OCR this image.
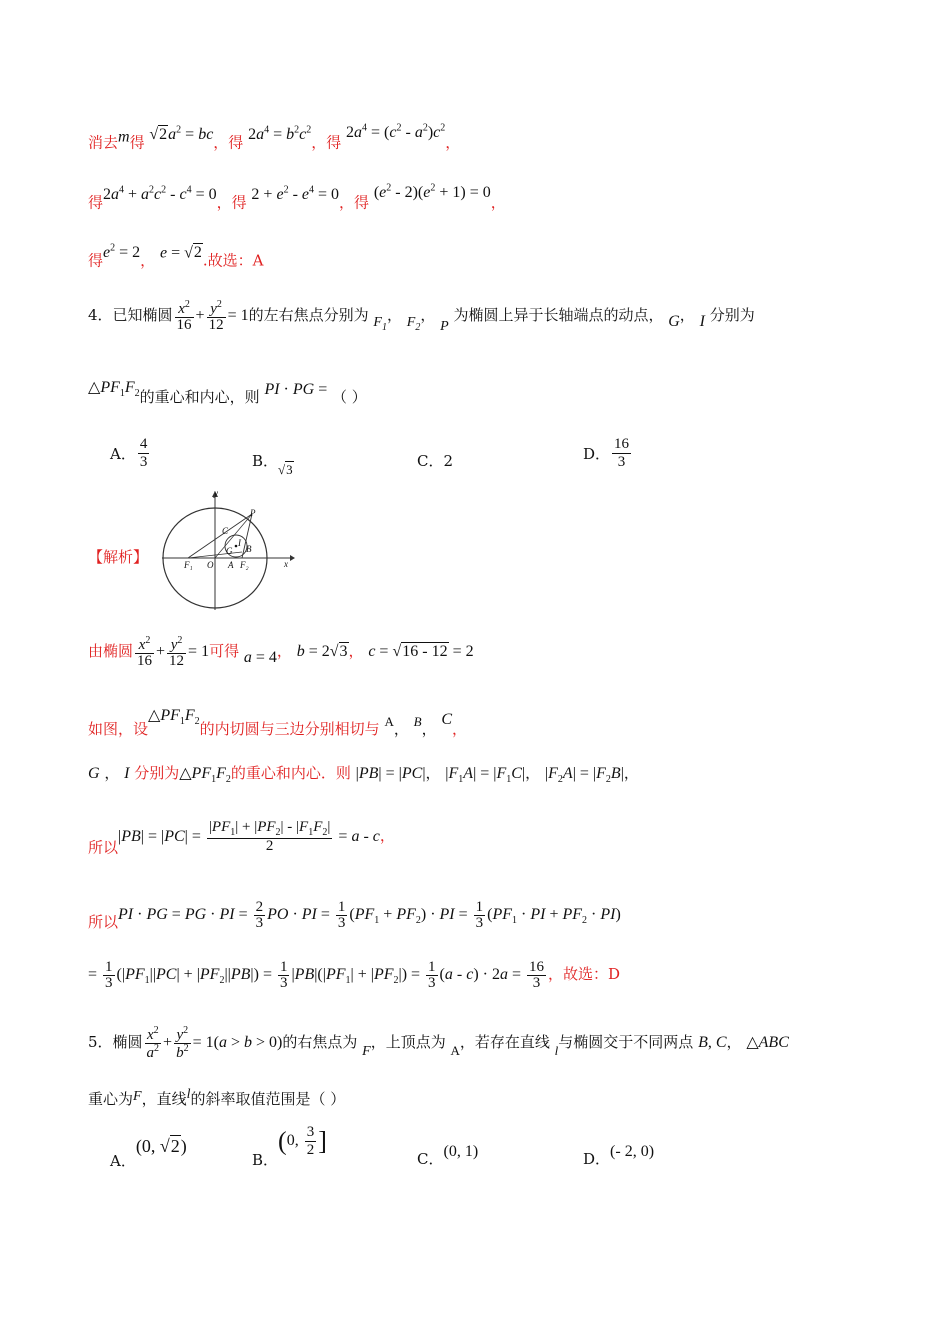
消去m得 $√2a^2$ = bc，得 $2a^4 = b^2c^2$，得 $2a^4 = (c^2 - a^2)c^2$，
得$2a^4 + a^2c^2 - c^4 = 0$，得 $2 + e^2 - e^4 = 0$，得 $(e^2 - 2)(e^2 + 1) = 0$，
得$e^2 = 2$， e = √2.故选：A
4．已知椭圆 $\frac{x^2}{16} + \frac{y^2}{12} = 1$的左右焦点分别为 $F_1$， $F_2$， P 为椭圆上异于长轴端点的动点， G， I 分别为
$\triangle PF_1F_2$的重心和内心，则 PI · PG = （ ）
A． $\frac{4}{3}$	B．√3	C．2	D． $\frac{16}{3}$
【解析】
y
x
P
C
G
I
B
F₁ O A F₂
由椭圆 $\frac{x^2}{16} + \frac{y^2}{12} = 1$可得 a = 4， b = 2√3， c = √16 - 12 = 2
如图，设$\triangle PF_1F_2$的内切圆与三边分别相切与 A， B， C，
G ， I 分别为$\triangle PF_1F_2$的重心和内心．则 |PB| = |PC|， $|F_1A| = |F_1C|$， $|F_2A| = |F_2B|$，
所以$|PB| = |PC| = \frac{|PF_1| + |PF_2| - |F_1F_2|}{2} = a - c$，
所以PI · PG = PG · PI = $\frac{2}{3}$ PO · PI = $\frac{1}{3} (PF_1 + PF_2)$ · PI = $\frac{1}{3} (PF_1$ · PI + $PF_2 \cdot PI$)
= $\frac{1}{3} (|PF_1||PC| + |PF_2||PB|) = \frac{1}{3} |PB|(|PF_1| + |PF_2|) = \frac{1}{3} (a - c) \cdot 2a = \frac{16}{3}$ ，故选：D
5．椭圆 $\frac{x^2}{a^2} + \frac{y^2}{b^2} = 1(a > b > 0)$的右焦点为 F，上顶点为 A，若存在直线 l与椭圆交于不同两点 B, C， △ABC
重心为F，直线l的斜率取值范围是（ ）
A．(0, √2)
B．(0, $\frac{3}{2}$ ]
C．(0, 1)	D．(- 2, 0)
